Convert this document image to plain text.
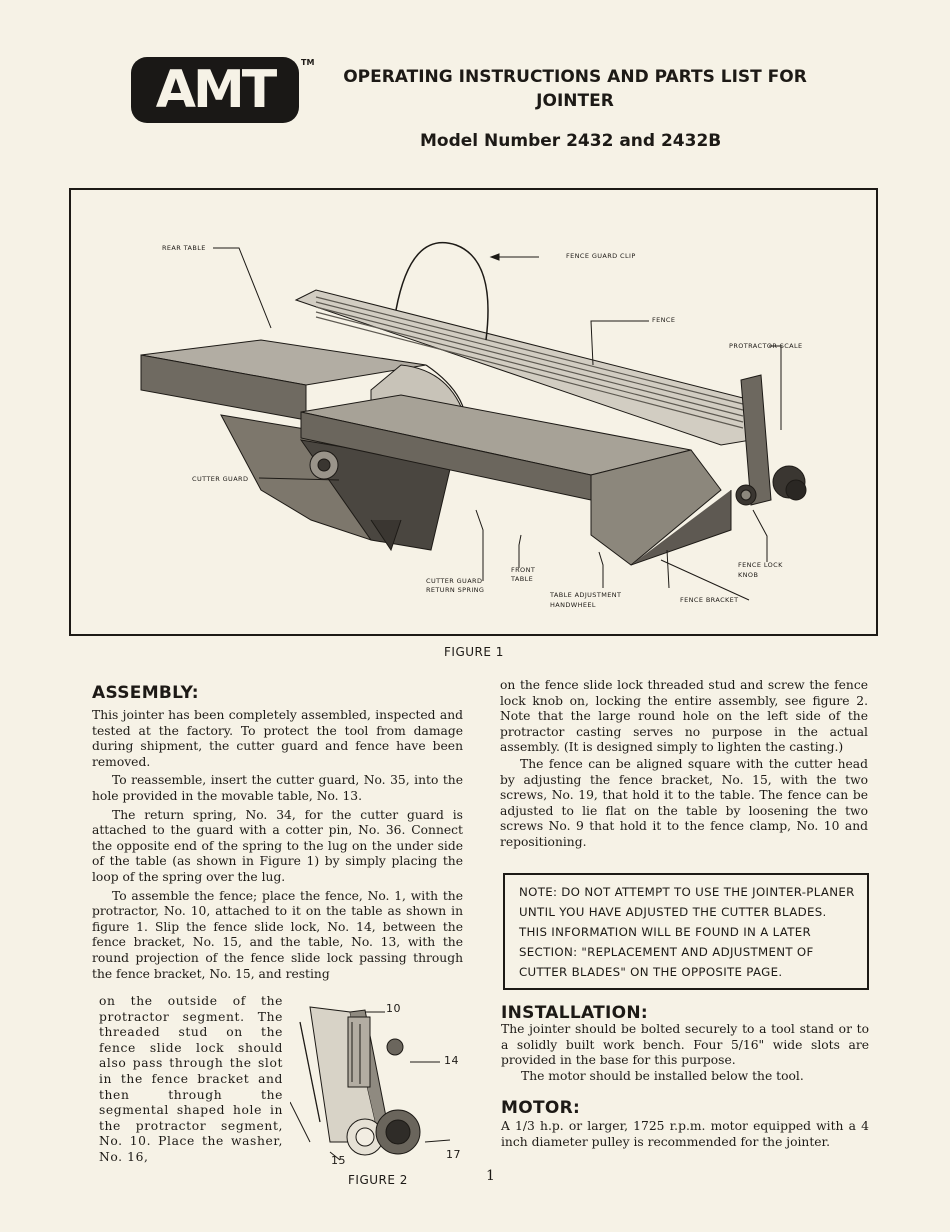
AMT	TM
OPERATING INSTRUCTIONS AND PARTS LIST FOR
JOINTER
Model Number 2432 and 2432B
REAR TABLE
FENCE GUARD CLIP
FENCE
PROTRACTOR SCALE
CUTTER GUARD
FRONT
TABLE
CUTTER GUARD
RETURN SPRING
TABLE ADJUSTMENT
HANDWHEEL
FENCE BRACKET
FENCE LOCK
KNOB
FIGURE 1
ASSEMBLY:

This jointer has been completely assembled, inspected and tested at the factory. To protect the tool from damage during shipment, the cutter guard and fence have been removed.

To reassemble, insert the cutter guard, No. 35, into the hole provided in the movable table, No. 13.

The return spring, No. 34, for the cutter guard is attached to the guard with a cotter pin, No. 36. Connect the opposite end of the spring to the lug on the under side of the table (as shown in Figure 1) by simply placing the loop of the spring over the lug.

To assemble the fence; place the fence, No. 1, with the protractor, No. 10, attached to it on the table as shown in figure 1. Slip the fence slide lock, No. 14, between the fence bracket, No. 15, and the table, No. 13, with the round projection of the fence slide lock passing through the fence bracket, No. 15, and resting

on the outside of the protractor segment. The threaded stud on the fence slide lock should also pass through the slot in the fence bracket and then through the segmental shaped hole in the protractor segment, No. 10. Place the washer, No. 16,

10
14
15	17
FIGURE 2

on the fence slide lock threaded stud and screw the fence lock knob on, locking the entire assembly, see figure 2. Note that the large round hole on the left side of the protractor casting serves no purpose in the actual assembly. (It is designed simply to lighten the casting.)

The fence can be aligned square with the cutter head by adjusting the fence bracket, No. 15, with the two screws, No. 19, that hold it to the table. The fence can be adjusted to lie flat on the table by loosening the two screws No. 9 that hold it to the fence clamp, No. 10 and repositioning.

NOTE: DO NOT ATTEMPT TO USE THE JOINTER-PLANER UNTIL YOU HAVE ADJUSTED THE CUTTER BLADES. THIS INFORMATION WILL BE FOUND IN A LATER SECTION: "REPLACEMENT AND ADJUSTMENT OF CUTTER BLADES" ON THE OPPOSITE PAGE.
INSTALLATION:

The jointer should be bolted securely to a tool stand or to a solidly built work bench. Four 5/16" wide slots are provided in the base for this purpose.

The motor should be installed below the tool.

MOTOR:

A 1/3 h.p. or larger, 1725 r.p.m. motor equipped with a 4 inch diameter pulley is recommended for the jointer.

1
